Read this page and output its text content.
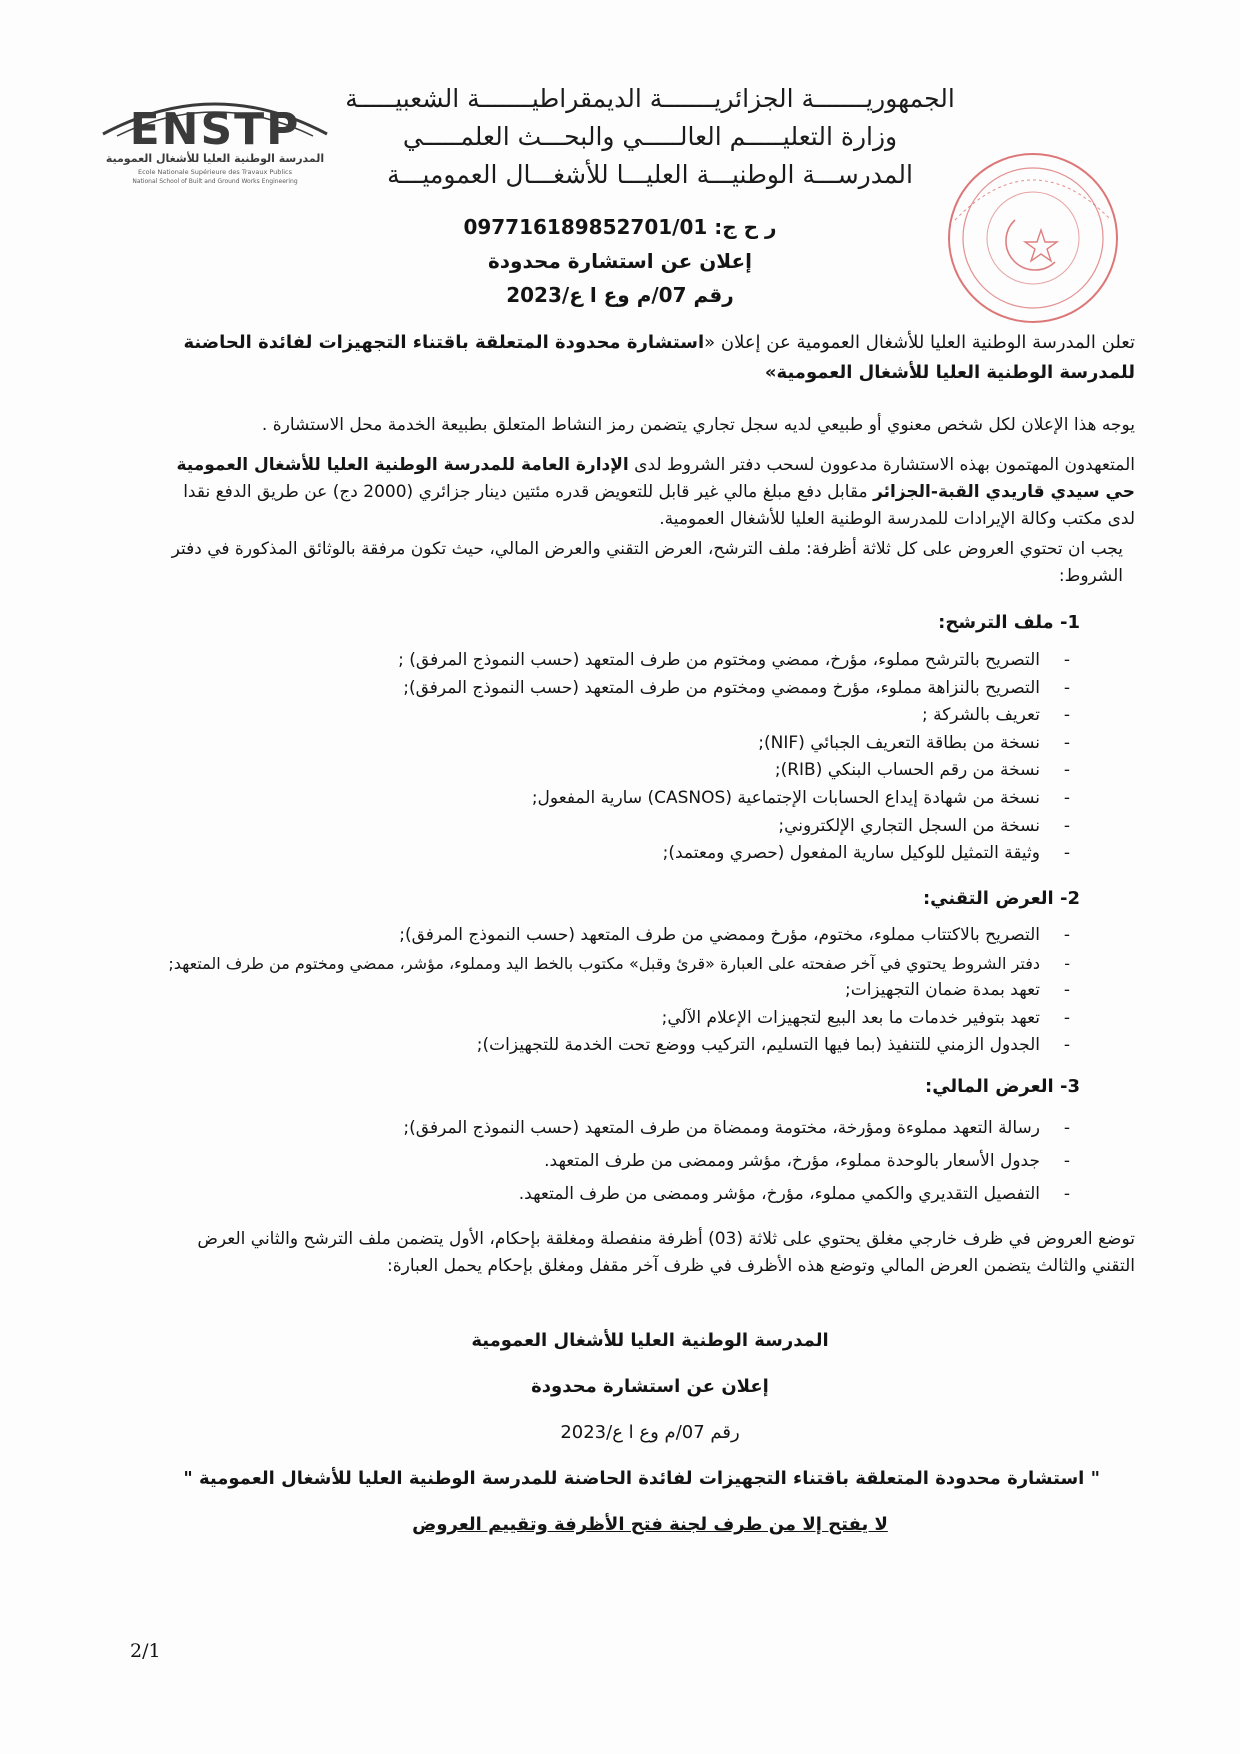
ENSTP
المدرسة الوطنية العليا للأشغال العمومية
Ecole Nationale Supérieure des Travaux Publics
National School of Built and Ground Works Engineering
الجمهوريـــــــة الجزائريـــــــة الديمقراطيـــــــة الشعبيـــــة
وزارة التعليـــــم العالـــــي والبحـــث العلمـــــي
المدرســـة الوطنيـــة العليـــا للأشغـــال العموميـــة
ر ح ج: 097716189852701/01
إعلان عن استشارة محدودة
رقم 07/م وع ا ع/2023
تعلن المدرسة الوطنية العليا للأشغال العمومية عن إعلان «استشارة محدودة المتعلقة باقتناء التجهيزات لفائدة الحاضنة للمدرسة الوطنية العليا للأشغال العمومية»
يوجه هذا الإعلان لكل شخص معنوي أو طبيعي لديه سجل تجاري يتضمن رمز النشاط المتعلق بطبيعة الخدمة محل الاستشارة .
المتعهدون المهتمون بهذه الاستشارة مدعوون لسحب دفتر الشروط لدى الإدارة العامة للمدرسة الوطنية العليا للأشغال العمومية حي سيدي قاريدي القبة-الجزائر مقابل دفع مبلغ مالي غير قابل للتعويض قدره مئتين دينار جزائري (2000 دج) عن طريق الدفع نقدا لدى مكتب وكالة الإيرادات للمدرسة الوطنية العليا للأشغال العمومية.
يجب ان تحتوي العروض على كل ثلاثة أظرفة: ملف الترشح، العرض التقني والعرض المالي، حيث تكون مرفقة بالوثائق المذكورة في دفتر الشروط:
1- ملف الترشح:
- التصريح بالترشح مملوء، مؤرخ، ممضي ومختوم من طرف المتعهد (حسب النموذج المرفق) ;
- التصريح بالنزاهة مملوء، مؤرخ وممضي ومختوم من طرف المتعهد (حسب النموذج المرفق);
- تعريف بالشركة ;
- نسخة من بطاقة التعريف الجبائي (NIF);
- نسخة من رقم الحساب البنكي (RIB);
- نسخة من شهادة إيداع الحسابات الإجتماعية (CASNOS) سارية المفعول;
- نسخة من السجل التجاري الإلكتروني;
- وثيقة التمثيل للوكيل سارية المفعول (حصري ومعتمد);
2- العرض التقني:
- التصريح بالاكتتاب مملوء، مختوم، مؤرخ وممضي من طرف المتعهد (حسب النموذج المرفق);
- دفتر الشروط يحتوي في آخر صفحته على العبارة «قرئ وقبل» مكتوب بالخط اليد ومملوء، مؤشر، ممضي ومختوم من طرف المتعهد;
- تعهد بمدة ضمان التجهيزات;
- تعهد بتوفير خدمات ما بعد البيع لتجهيزات الإعلام الآلي;
- الجدول الزمني للتنفيذ (بما فيها التسليم، التركيب ووضع تحت الخدمة للتجهيزات);
3- العرض المالي:
- رسالة التعهد مملوءة ومؤرخة، مختومة وممضاة من طرف المتعهد (حسب النموذج المرفق);
- جدول الأسعار بالوحدة مملوء، مؤرخ، مؤشر وممضى من طرف المتعهد.
- التفصيل التقديري والكمي مملوء، مؤرخ، مؤشر وممضى من طرف المتعهد.
توضع العروض في ظرف خارجي مغلق يحتوي على ثلاثة (03) أظرفة منفصلة ومغلقة بإحكام، الأول يتضمن ملف الترشح والثاني العرض التقني والثالث يتضمن العرض المالي وتوضع هذه الأظرف في ظرف آخر مقفل ومغلق بإحكام يحمل العبارة:
المدرسة الوطنية العليا للأشغال العمومية
إعلان عن استشارة محدودة
رقم 07/م وع ا ع/2023
" استشارة محدودة المتعلقة باقتناء التجهيزات لفائدة الحاضنة للمدرسة الوطنية العليا للأشغال العمومية "
لا يفتح إلا من طرف لجنة فتح الأظرفة وتقييم العروض
2/1
